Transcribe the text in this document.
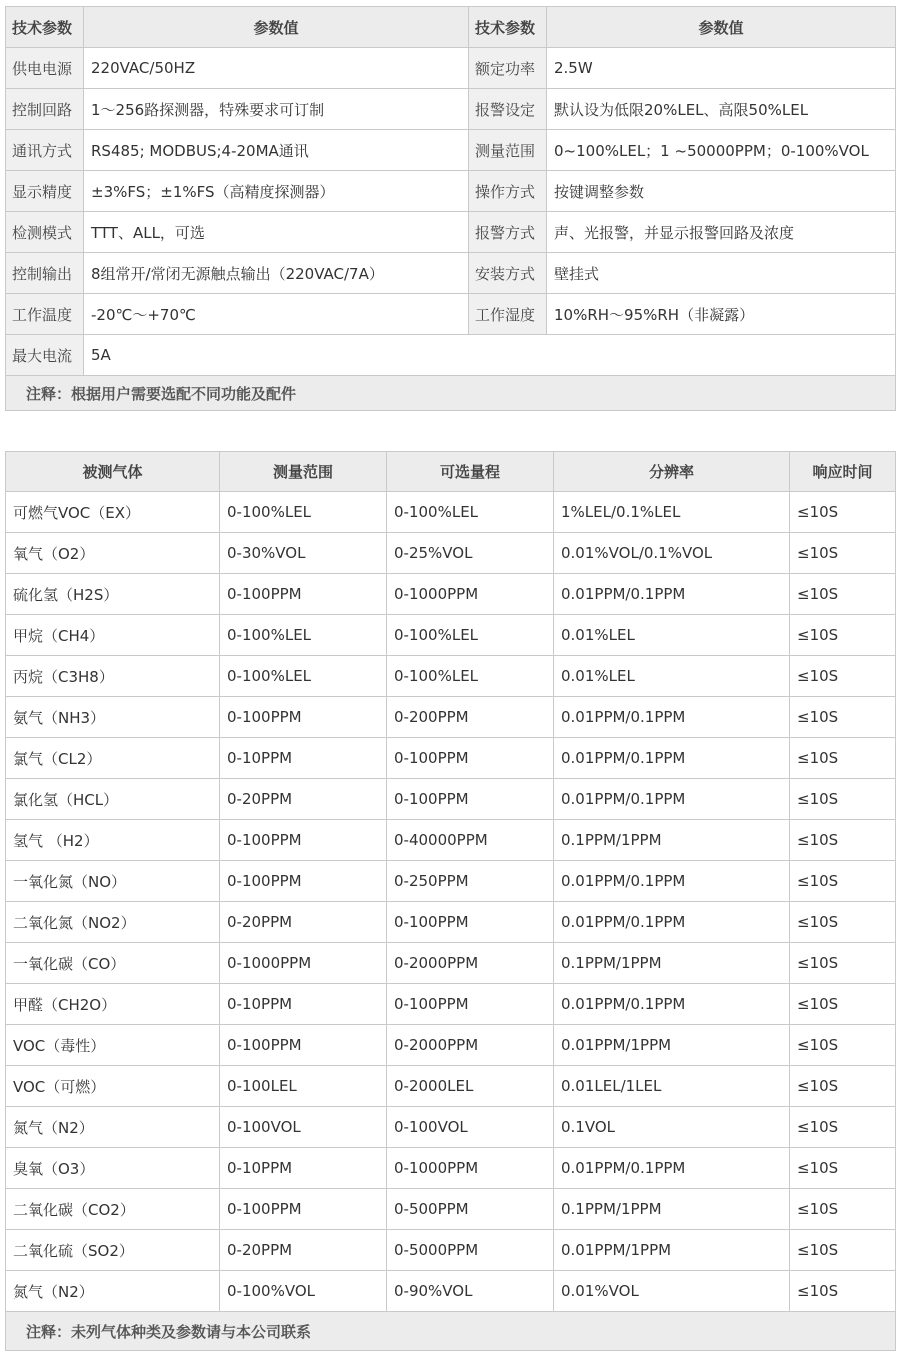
技术参数	参数值	技术参数	参数值
供电电源	220VAC/50HZ	额定功率	2.5W
控制回路	1～256路探测器，特殊要求可订制	报警设定	默认设为低限20%LEL、高限50%LEL
通讯方式	RS485; MODBUS;4-20MA通讯	测量范围	0~100%LEL；1 ~50000PPM；0-100%VOL
显示精度	±3%FS；±1%FS（高精度探测器）	操作方式	按键调整参数
检测模式	TTT、ALL，可选	报警方式	声、光报警，并显示报警回路及浓度
控制输出	8组常开/常闭无源触点输出（220VAC/7A）	安装方式	壁挂式
工作温度	-20℃～+70℃	工作湿度	10%RH～95%RH（非凝露）
最大电流	5A		
注释：根据用户需要选配不同功能及配件			
被测气体	测量范围	可选量程	分辨率	响应时间
可燃气VOC（EX）	0-100%LEL	0-100%LEL	1%LEL/0.1%LEL	≤10S
氧气（O2）	0-30%VOL	0-25%VOL	0.01%VOL/0.1%VOL	≤10S
硫化氢（H2S）	0-100PPM	0-1000PPM	0.01PPM/0.1PPM	≤10S
甲烷（CH4）	0-100%LEL	0-100%LEL	0.01%LEL	≤10S
丙烷（C3H8）	0-100%LEL	0-100%LEL	0.01%LEL	≤10S
氨气（NH3）	0-100PPM	0-200PPM	0.01PPM/0.1PPM	≤10S
氯气（CL2）	0-10PPM	0-100PPM	0.01PPM/0.1PPM	≤10S
氯化氢（HCL）	0-20PPM	0-100PPM	0.01PPM/0.1PPM	≤10S
氢气 （H2）	0-100PPM	0-40000PPM	0.1PPM/1PPM	≤10S
一氧化氮（NO）	0-100PPM	0-250PPM	0.01PPM/0.1PPM	≤10S
二氧化氮（NO2）	0-20PPM	0-100PPM	0.01PPM/0.1PPM	≤10S
一氧化碳（CO）	0-1000PPM	0-2000PPM	0.1PPM/1PPM	≤10S
甲醛（CH2O）	0-10PPM	0-100PPM	0.01PPM/0.1PPM	≤10S
VOC（毒性）	0-100PPM	0-2000PPM	0.01PPM/1PPM	≤10S
VOC（可燃）	0-100LEL	0-2000LEL	0.01LEL/1LEL	≤10S
氮气（N2）	0-100VOL	0-100VOL	0.1VOL	≤10S
臭氧（O3）	0-10PPM	0-1000PPM	0.01PPM/0.1PPM	≤10S
二氧化碳（CO2）	0-100PPM	0-500PPM	0.1PPM/1PPM	≤10S
二氧化硫（SO2）	0-20PPM	0-5000PPM	0.01PPM/1PPM	≤10S
氮气（N2）	0-100%VOL	0-90%VOL	0.01%VOL	≤10S
注释：未列气体种类及参数请与本公司联系				
